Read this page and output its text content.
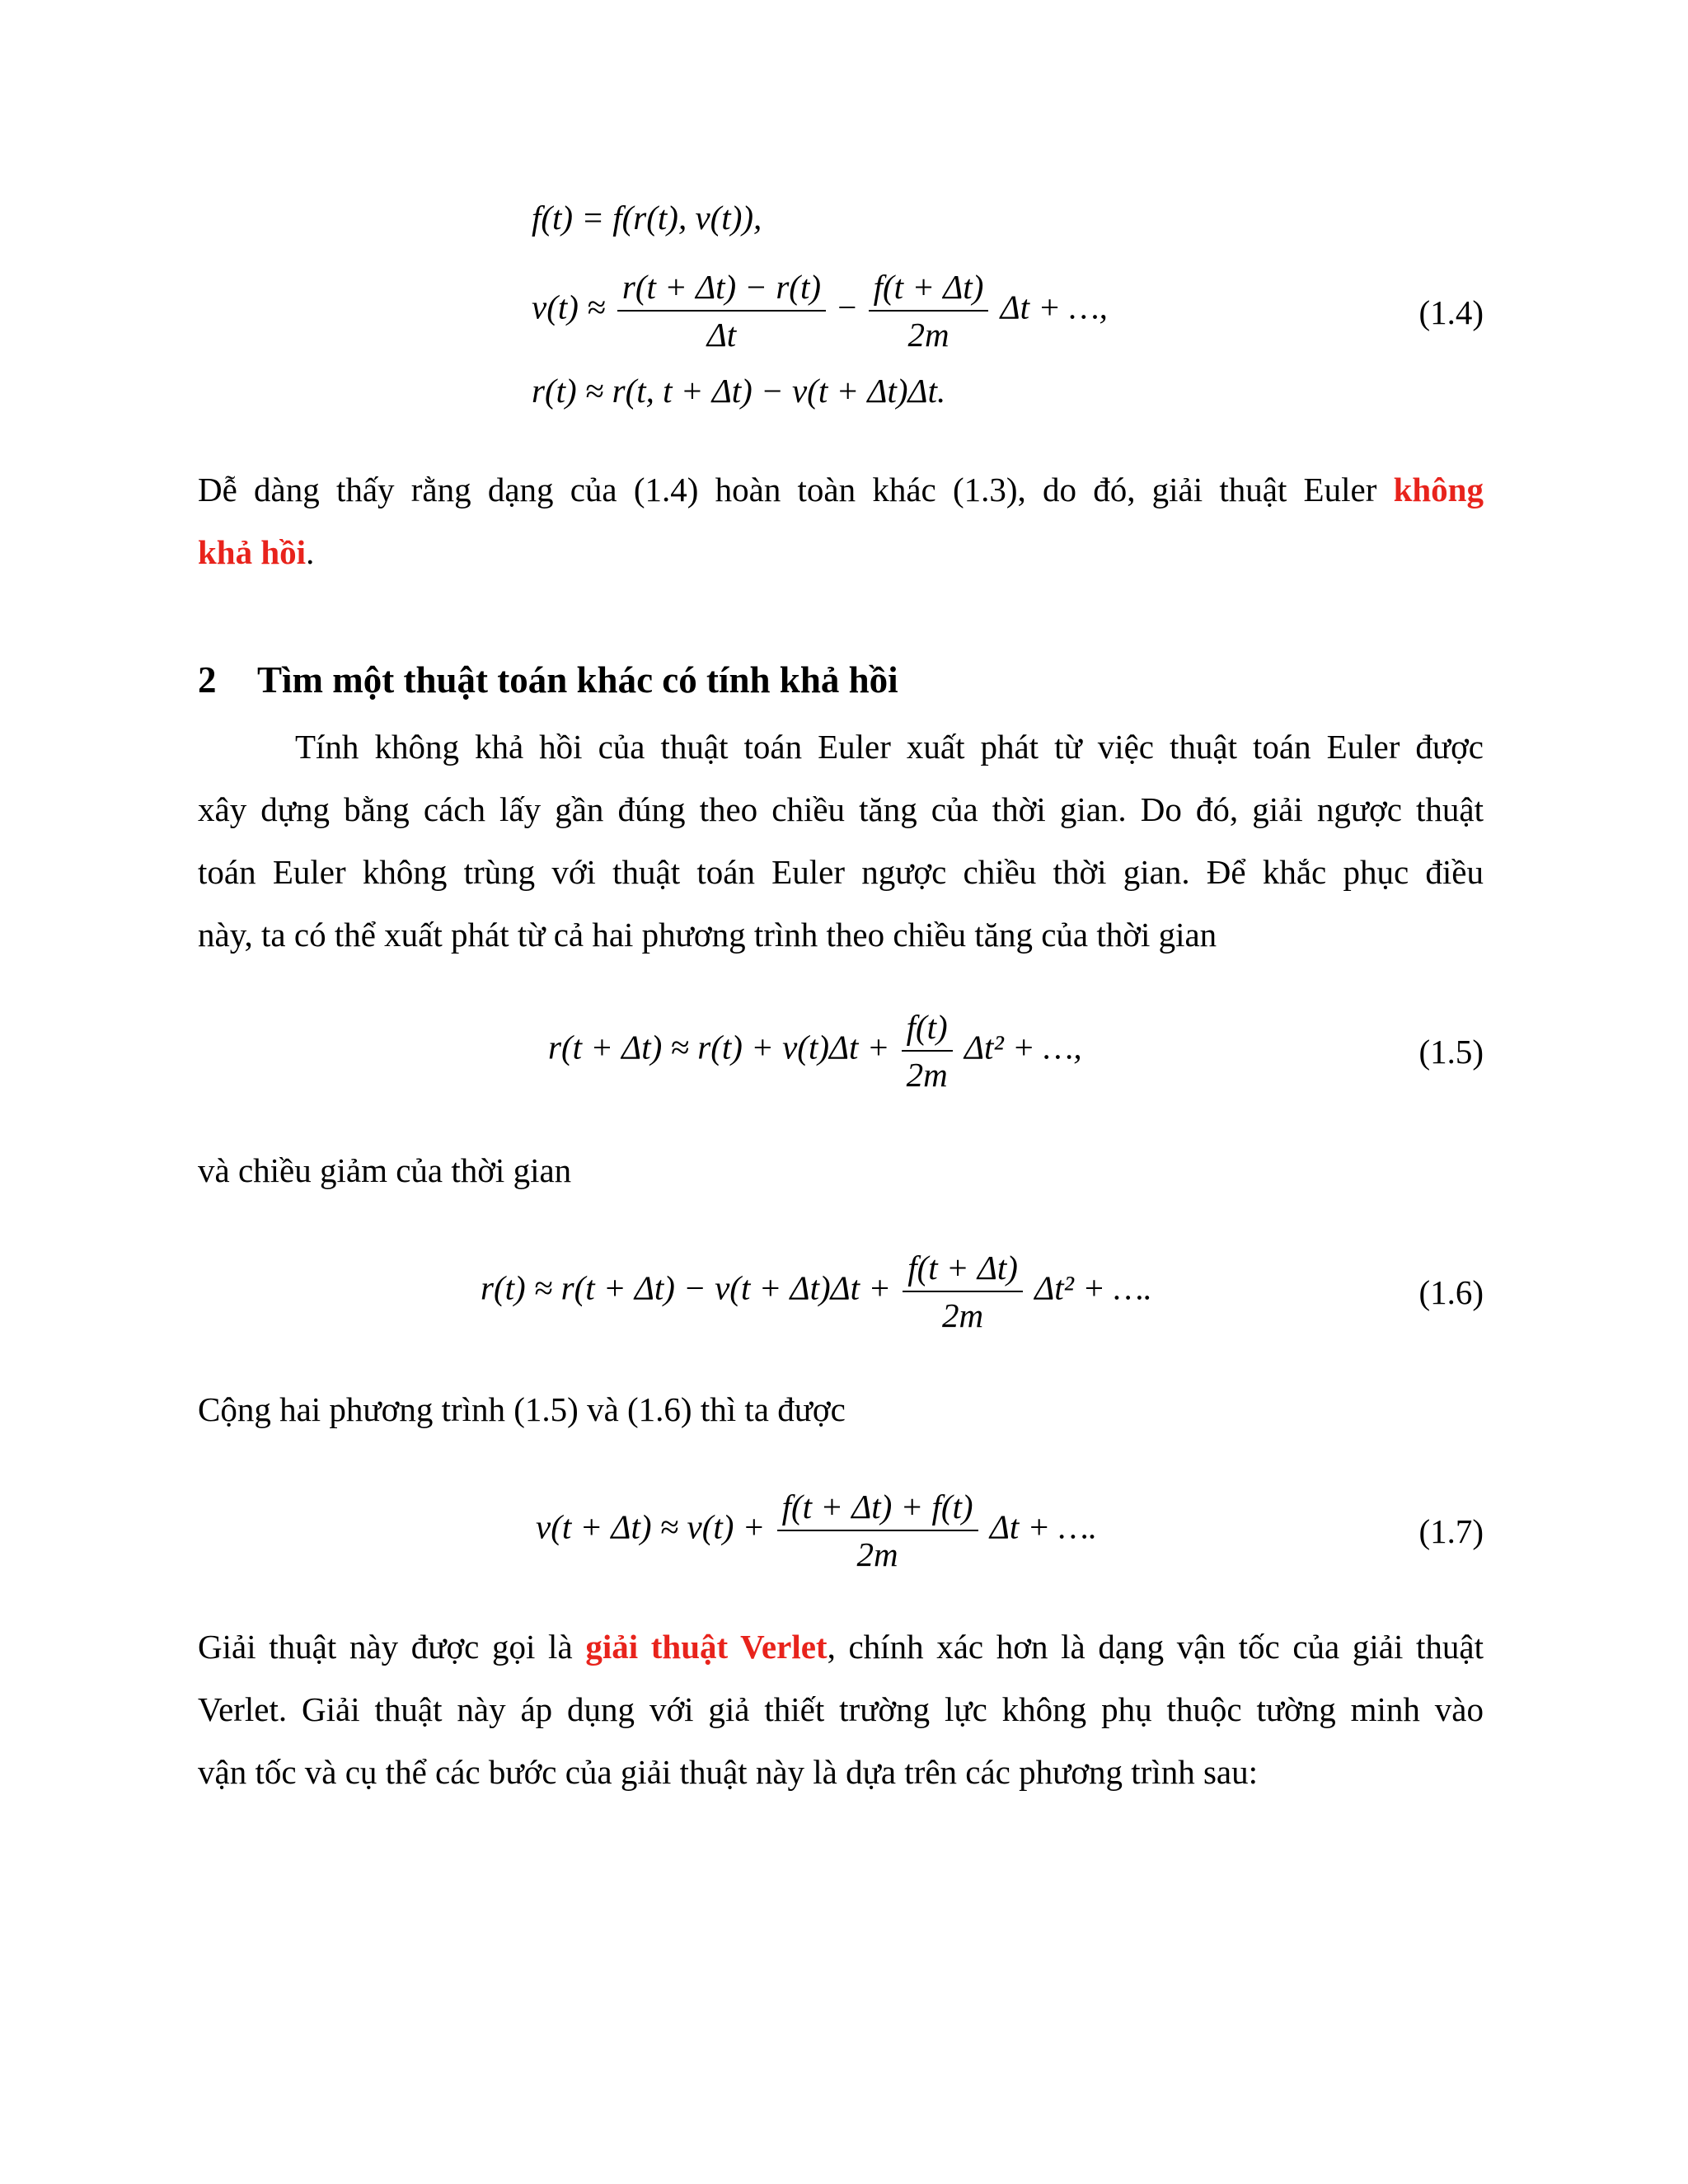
f(t) = f(r(t), v(t)),
$v(t) \approx \frac{r(t + \Delta t) - r(t)}{\Delta t} - \frac{f(t + \Delta t)}{2m}$ Δt + …,
r(t) ≈ r(t, t + Δt) − v(t + Δt)Δt.
(1.4)
Dễ dàng thấy rằng dạng của (1.4) hoàn toàn khác (1.3), do đó, giải thuật Euler không
khả hồi.
2 Tìm một thuật toán khác có tính khả hồi
Tính không khả hồi của thuật toán Euler xuất phát từ việc thuật toán Euler được
xây dựng bằng cách lấy gần đúng theo chiều tăng của thời gian. Do đó, giải ngược thuật
toán Euler không trùng với thuật toán Euler ngược chiều thời gian. Để khắc phục điều
này, ta có thể xuất phát từ cả hai phương trình theo chiều tăng của thời gian
$r(t + \Delta t) \approx r(t) + v(t)\Delta t + \frac{f(t)}{2m} \Delta t^2$ + …,	(1.5)
và chiều giảm của thời gian
$r(t) \approx r(t + \Delta t) - v(t + \Delta t)\Delta t + \frac{f(t + \Delta t)}{2m} \Delta t^2$ + ….	(1.6)
Cộng hai phương trình (1.5) và (1.6) thì ta được
$v(t + \Delta t) \approx v(t) + \frac{f(t + \Delta t) + f(t)}{2m}$ Δt + ….	(1.7)
Giải thuật này được gọi là giải thuật Verlet, chính xác hơn là dạng vận tốc của giải thuật
Verlet. Giải thuật này áp dụng với giả thiết trường lực không phụ thuộc tường minh vào
vận tốc và cụ thể các bước của giải thuật này là dựa trên các phương trình sau:
